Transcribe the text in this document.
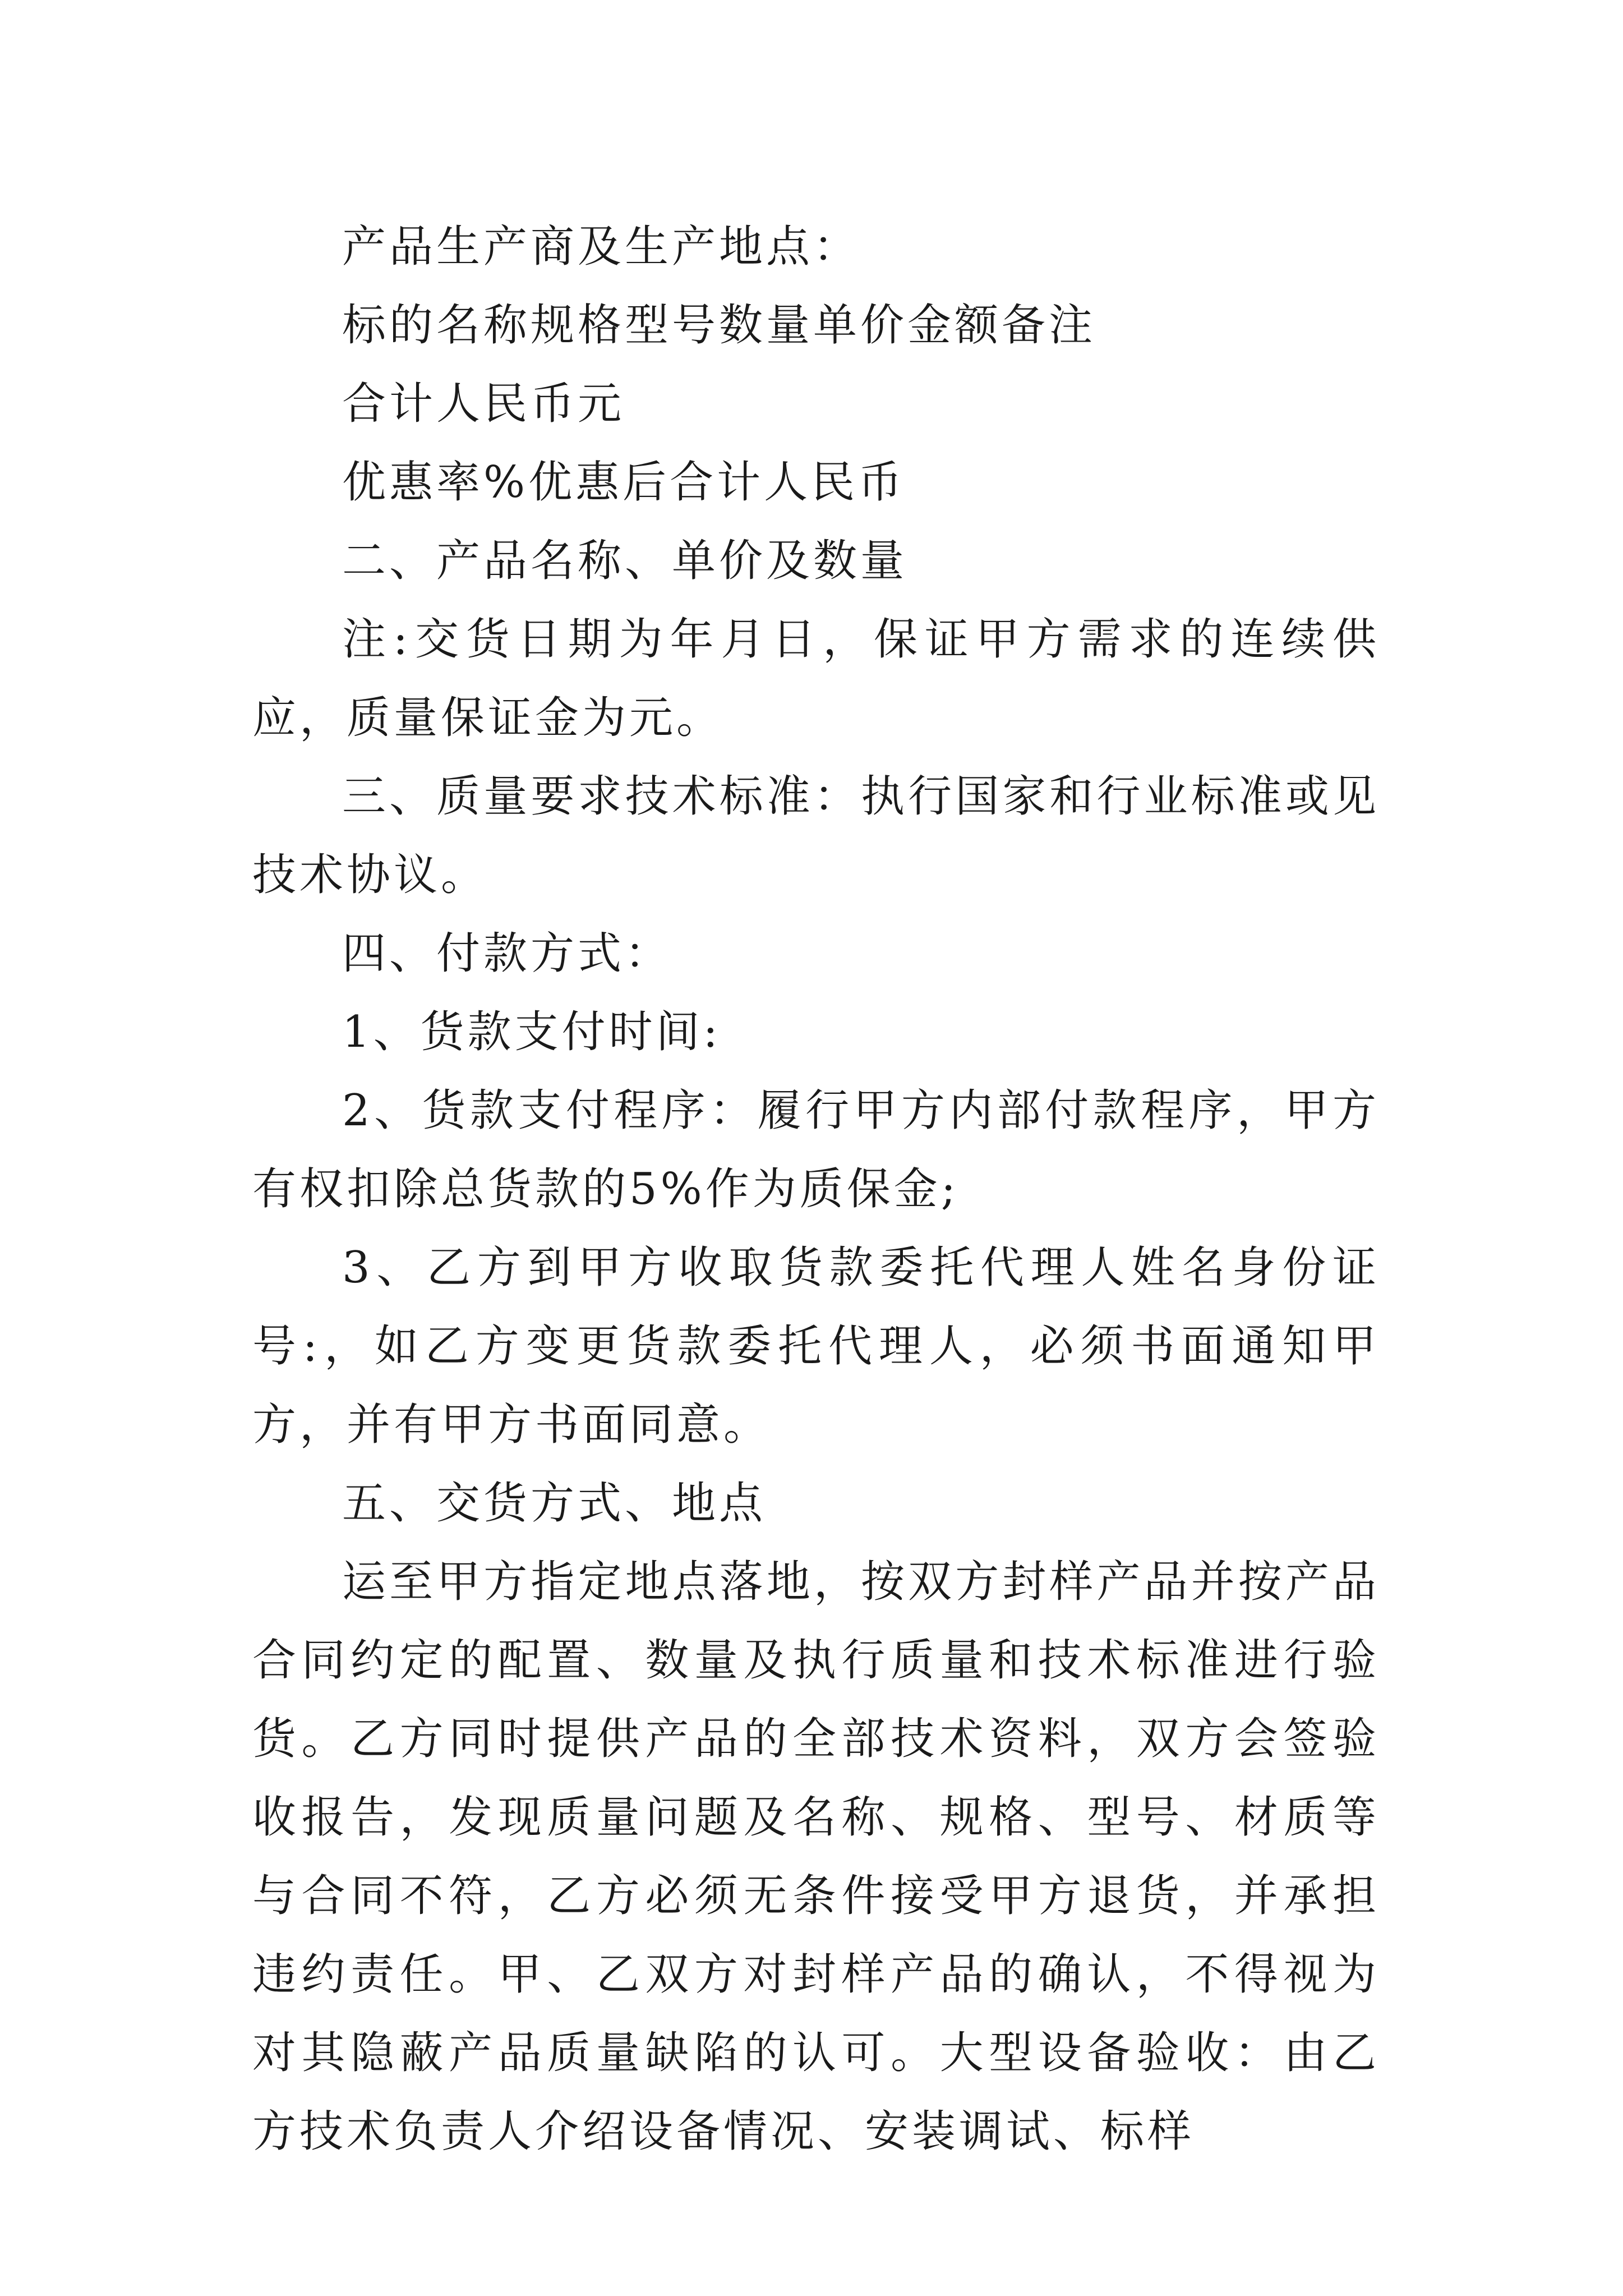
产品生产商及生产地点：

标的名称规格型号数量单价金额备注

合计人民币元

优惠率%优惠后合计人民币

二、产品名称、单价及数量

注:交货日期为年月日，保证甲方需求的连续供应，质量保证金为元。

三、质量要求技术标准：执行国家和行业标准或见技术协议。

四、付款方式：

1、货款支付时间:

2、货款支付程序：履行甲方内部付款程序，甲方有权扣除总货款的5%作为质保金;

3、乙方到甲方收取货款委托代理人姓名身份证号:，如乙方变更货款委托代理人，必须书面通知甲方，并有甲方书面同意。

五、交货方式、地点

运至甲方指定地点落地，按双方封样产品并按产品合同约定的配置、数量及执行质量和技术标准进行验货。乙方同时提供产品的全部技术资料，双方会签验收报告，发现质量问题及名称、规格、型号、材质等与合同不符，乙方必须无条件接受甲方退货，并承担违约责任。甲、乙双方对封样产品的确认，不得视为对其隐蔽产品质量缺陷的认可。大型设备验收：由乙方技术负责人介绍设备情况、安装调试、标样
